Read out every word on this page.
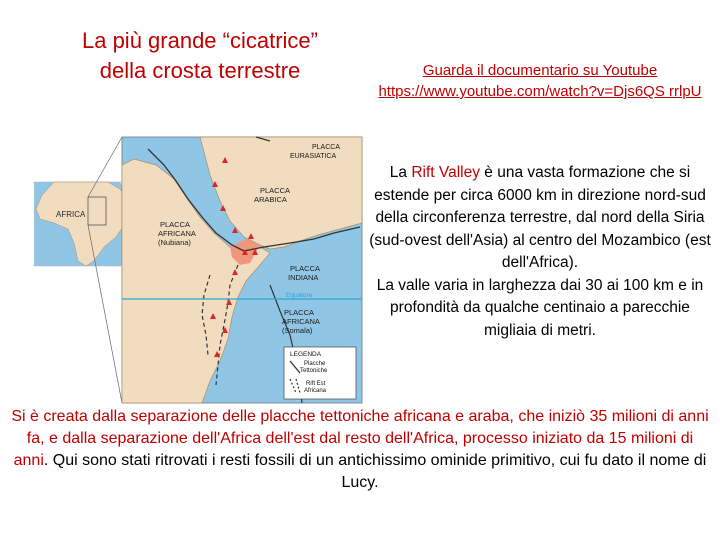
La più grande “cicatrice”
della crosta terrestre	Guarda il documentario su Youtube
https://www.youtube.com/watch?v=Djs6QS rrlpU
La Rift Valley è una vasta formazione che si estende per circa 6000 km in direzione nord-sud della circonferenza terrestre, dal nord della Siria (sud-ovest dell'Asia) al centro del Mozambico (est dell'Africa).
La valle varia in larghezza dai 30 ai 100 km e in profondità da qualche centinaio a parecchie migliaia di metri.
AFRICA
PLACCA EURASIATICA
PLACCA ARABICA
PLACCA AFRICANA (Nubiana)
PLACCA INDIANA
Equatore
PLACCA AFRICANA (Somala)
LEGENDA
Placche Tettoniche
Rift Est Africana
Si è creata dalla separazione delle placche tettoniche africana e araba, che iniziò 35 milioni di anni fa, e dalla separazione dell'Africa dell'est dal resto dell'Africa, processo iniziato da 15 milioni di anni. Qui sono stati ritrovati i resti fossili di un antichissimo ominide primitivo, cui fu dato il nome di Lucy.
